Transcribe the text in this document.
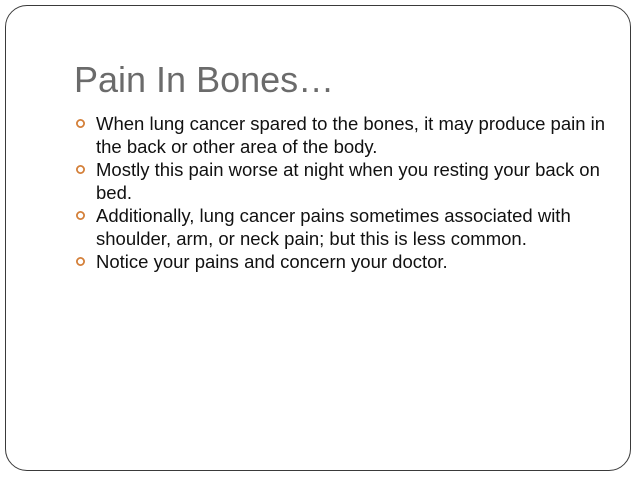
Pain In Bones…
When lung cancer spared to the bones, it may produce pain in the back or other area of the body.
Mostly this pain worse at night when you resting your back on bed.
Additionally, lung cancer pains sometimes associated with shoulder, arm, or neck pain; but this is less common.
Notice your pains and concern your doctor.
